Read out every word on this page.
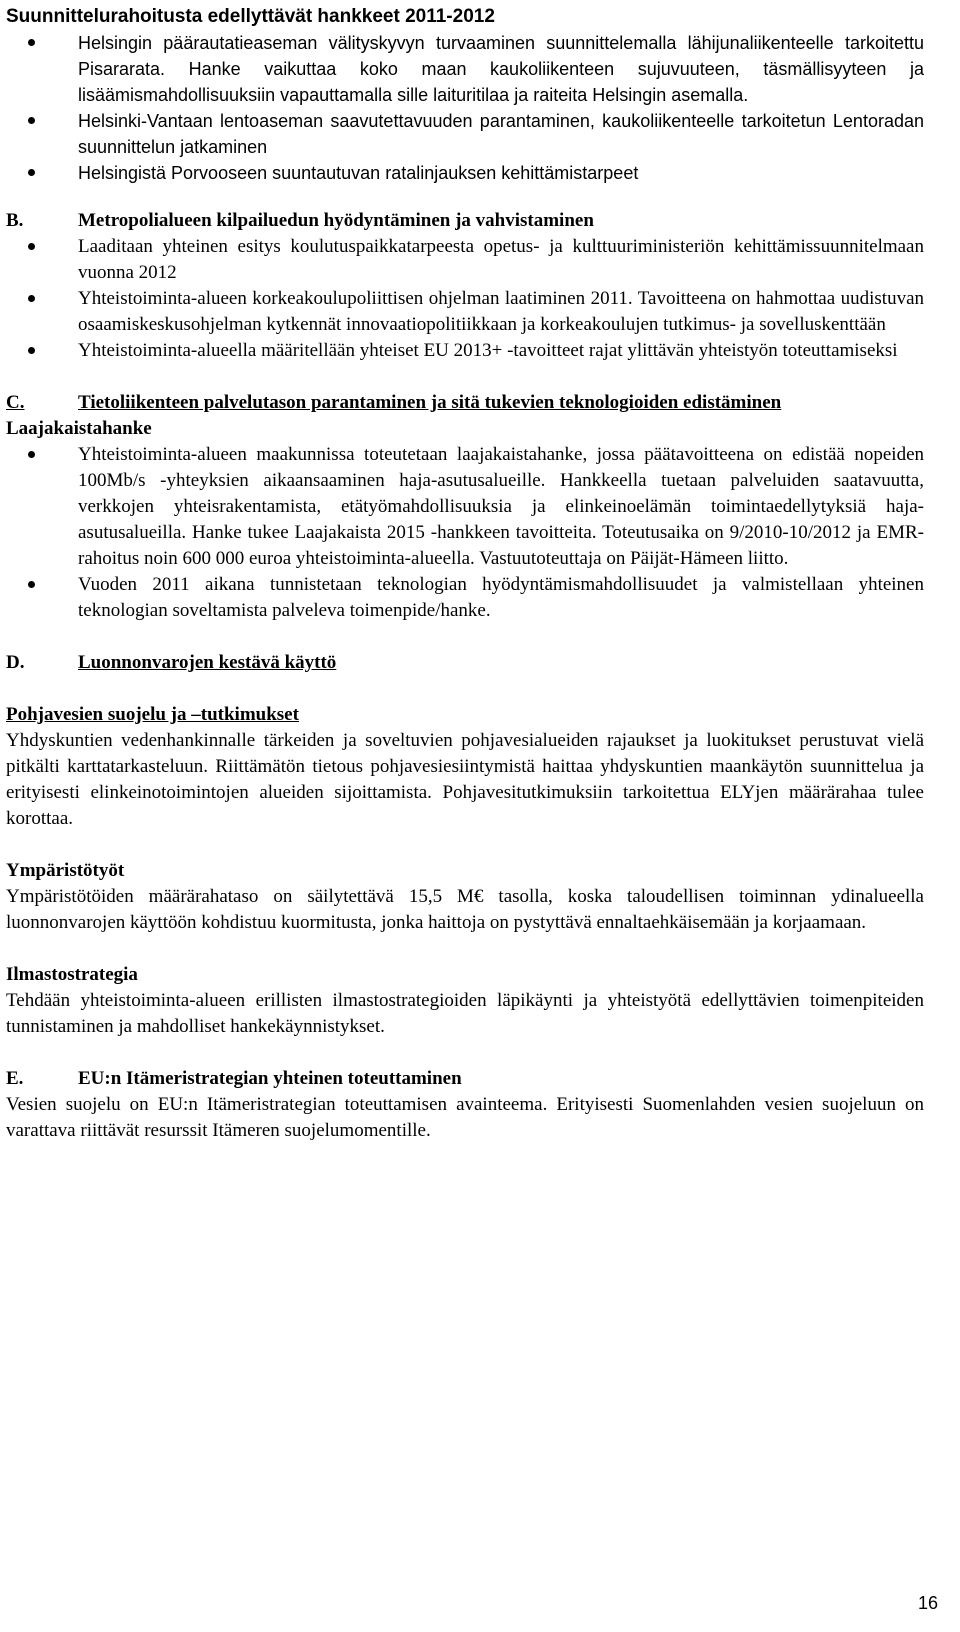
Suunnittelurahoitusta edellyttävät hankkeet 2011-2012
Helsingin päärautatieaseman välityskyvyn turvaaminen suunnittelemalla lähijunaliikenteelle tarkoitettu Pisararata. Hanke vaikuttaa koko maan kaukoliikenteen sujuvuuteen, täsmällisyyteen ja lisäämismahdollisuuksiin vapauttamalla sille laituritilaa ja raiteita Helsingin asemalla.
Helsinki-Vantaan lentoaseman saavutettavuuden parantaminen, kaukoliikenteelle tarkoitetun Lentoradan suunnittelun jatkaminen
Helsingistä Porvooseen suuntautuvan ratalinjauksen kehittämistarpeet
B.	Metropolialueen kilpailuedun hyödyntäminen ja vahvistaminen
Laaditaan yhteinen esitys koulutuspaikkatarpeesta opetus- ja kulttuuriministeriön kehittämissuunnitelmaan vuonna 2012
Yhteistoiminta-alueen korkeakoulupoliittisen ohjelman laatiminen 2011. Tavoitteena on hahmottaa uudistuvan osaamiskeskusohjelman kytkennät innovaatiopolitiikkaan ja korkeakoulujen tutkimus- ja sovelluskenttään
Yhteistoiminta-alueella määritellään yhteiset EU 2013+ -tavoitteet rajat ylittävän yhteistyön toteuttamiseksi
C.	Tietoliikenteen palvelutason parantaminen ja sitä tukevien teknologioiden edistäminen

Laajakaistahanke

Yhteistoiminta-alueen maakunnissa toteutetaan laajakaistahanke, jossa päätavoitteena on edistää nopeiden 100Mb/s -yhteyksien aikaansaaminen haja-asutusalueille. Hankkeella tuetaan palveluiden saatavuutta, verkkojen yhteisrakentamista, etätyömahdollisuuksia ja elinkeinoelämän toimintaedellytyksiä haja-asutusalueilla. Hanke tukee Laajakaista 2015 -hankkeen tavoitteita. Toteutusaika on 9/2010-10/2012 ja EMR-rahoitus noin 600 000 euroa yhteistoiminta-alueella. Vastuutoteuttaja on Päijät-Hämeen liitto.
Vuoden 2011 aikana tunnistetaan teknologian hyödyntämismahdollisuudet ja valmistellaan yhteinen teknologian soveltamista palveleva toimenpide/hanke.
D.	Luonnonvarojen kestävä käyttö

Pohjavesien suojelu ja –tutkimukset

Yhdyskuntien vedenhankinnalle tärkeiden ja soveltuvien pohjavesialueiden rajaukset ja luokitukset perustuvat vielä pitkälti karttatarkasteluun. Riittämätön tietous pohjavesiesiintymistä haittaa yhdyskuntien maankäytön suunnittelua ja erityisesti elinkeinotoimintojen alueiden sijoittamista. Pohjavesitutkimuksiin tarkoitettua ELYjen määrärahaa tulee korottaa.

Ympäristötyöt

Ympäristötöiden määrärahataso on säilytettävä 15,5 M€ tasolla, koska taloudellisen toiminnan ydinalueella luonnonvarojen käyttöön kohdistuu kuormitusta, jonka haittoja on pystyttävä ennaltaehkäisemään ja korjaamaan.

Ilmastostrategia

Tehdään yhteistoiminta-alueen erillisten ilmastostrategioiden läpikäynti ja yhteistyötä edellyttävien toimenpiteiden tunnistaminen ja mahdolliset hankekäynnistykset.

E.	EU:n Itämeristrategian yhteinen toteuttaminen

Vesien suojelu on EU:n Itämeristrategian toteuttamisen avainteema. Erityisesti Suomenlahden vesien suojeluun on varattava riittävät resurssit Itämeren suojelumomentille.

16
